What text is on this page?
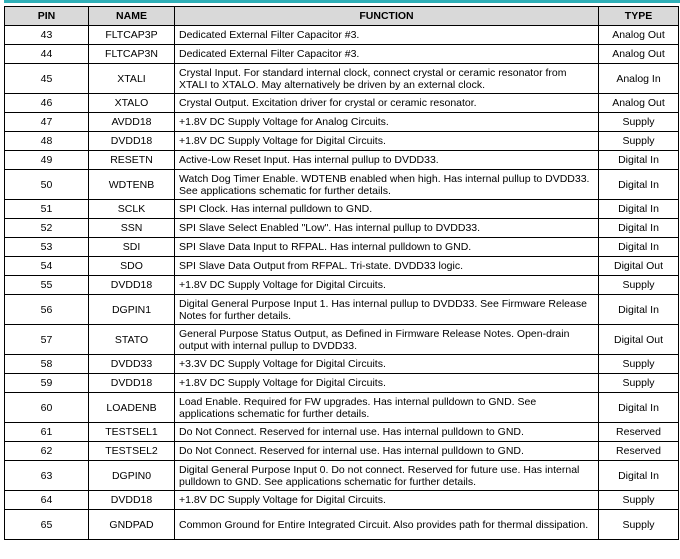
PIN	NAME	FUNCTION	TYPE
43	FLTCAP3P	Dedicated External Filter Capacitor #3.	Analog Out
44	FLTCAP3N	Dedicated External Filter Capacitor #3.	Analog Out
45	XTALI	Crystal Input. For standard internal clock, connect crystal or ceramic resonator from XTALI to XTALO. May alternatively be driven by an external clock.	Analog In
46	XTALO	Crystal Output. Excitation driver for crystal or ceramic resonator.	Analog Out
47	AVDD18	+1.8V DC Supply Voltage for Analog Circuits.	Supply
48	DVDD18	+1.8V DC Supply Voltage for Digital Circuits.	Supply
49	RESETN	Active-Low Reset Input. Has internal pullup to DVDD33.	Digital In
50	WDTENB	Watch Dog Timer Enable. WDTENB enabled when high. Has internal pullup to DVDD33. See applications schematic for further details.	Digital In
51	SCLK	SPI Clock. Has internal pulldown to GND.	Digital In
52	SSN	SPI Slave Select Enabled "Low". Has internal pullup to DVDD33.	Digital In
53	SDI	SPI Slave Data Input to RFPAL. Has internal pulldown to GND.	Digital In
54	SDO	SPI Slave Data Output from RFPAL. Tri-state. DVDD33 logic.	Digital Out
55	DVDD18	+1.8V DC Supply Voltage for Digital Circuits.	Supply
56	DGPIN1	Digital General Purpose Input 1. Has internal pullup to DVDD33. See Firmware Release Notes for further details.	Digital In
57	STATO	General Purpose Status Output, as Defined in Firmware Release Notes. Open-drain output with internal pullup to DVDD33.	Digital Out
58	DVDD33	+3.3V DC Supply Voltage for Digital Circuits.	Supply
59	DVDD18	+1.8V DC Supply Voltage for Digital Circuits.	Supply
60	LOADENB	Load Enable. Required for FW upgrades. Has internal pulldown to GND. See applications schematic for further details.	Digital In
61	TESTSEL1	Do Not Connect. Reserved for internal use. Has internal pulldown to GND.	Reserved
62	TESTSEL2	Do Not Connect. Reserved for internal use. Has internal pulldown to GND.	Reserved
63	DGPIN0	Digital General Purpose Input 0. Do not connect. Reserved for future use. Has internal pulldown to GND. See applications schematic for further details.	Digital In
64	DVDD18	+1.8V DC Supply Voltage for Digital Circuits.	Supply
65	GNDPAD	Common Ground for Entire Integrated Circuit. Also provides path for thermal dissipation.	Supply
